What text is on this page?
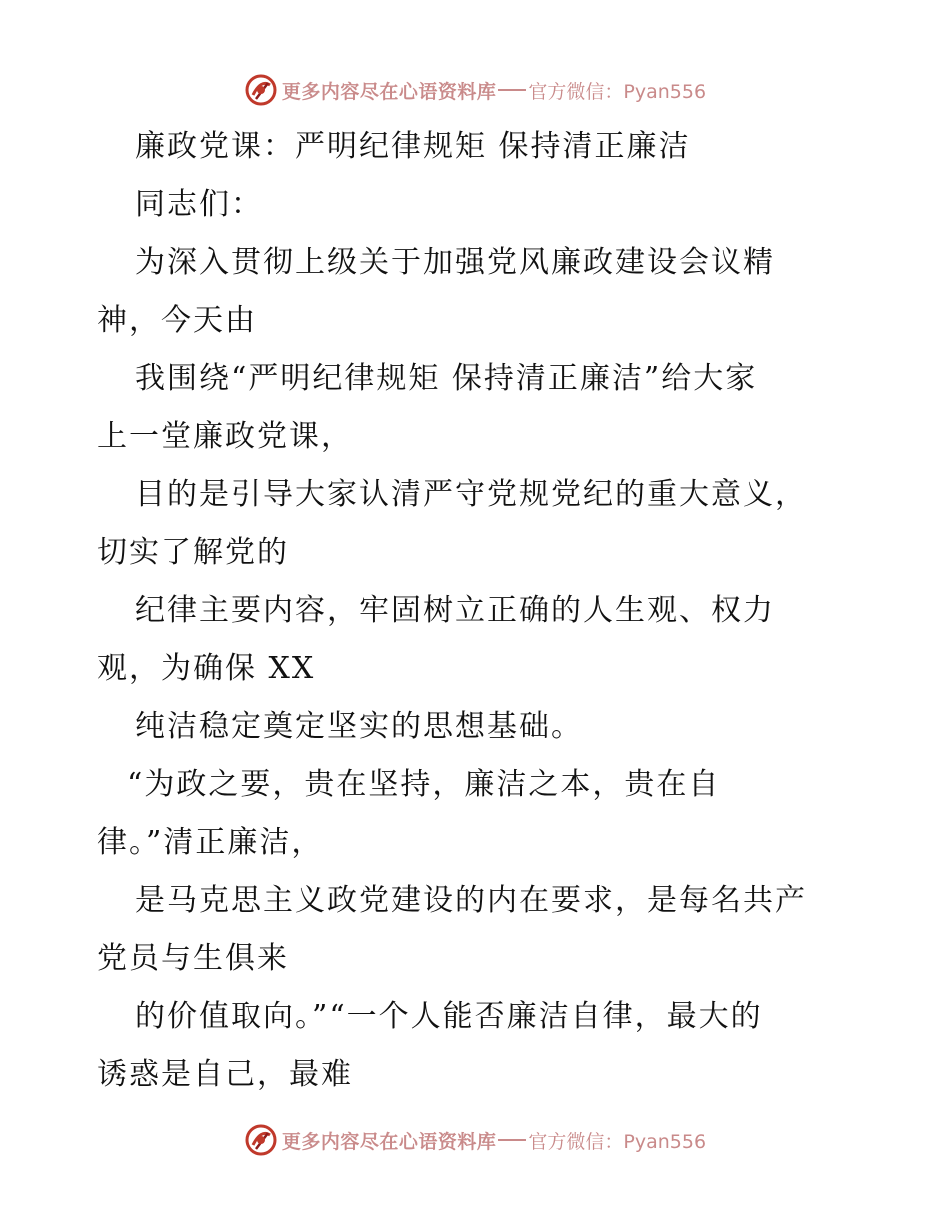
更多内容尽在心语资料库 官方微信：Pyan556
廉政党课：严明纪律规矩 保持清正廉洁
同志们：
为深入贯彻上级关于加强党风廉政建设会议精
神，今天由
我围绕“严明纪律规矩 保持清正廉洁”给大家
上一堂廉政党课，
目的是引导大家认清严守党规党纪的重大意义，
切实了解党的
纪律主要内容，牢固树立正确的人生观、权力
观，为确保 XX
纯洁稳定奠定坚实的思想基础。
“为政之要，贵在坚持，廉洁之本，贵在自
律。”清正廉洁，
是马克思主义政党建设的内在要求，是每名共产
党员与生俱来
的价值取向。”“一个人能否廉洁自律，最大的
诱惑是自己，最难
更多内容尽在心语资料库 官方微信：Pyan556
